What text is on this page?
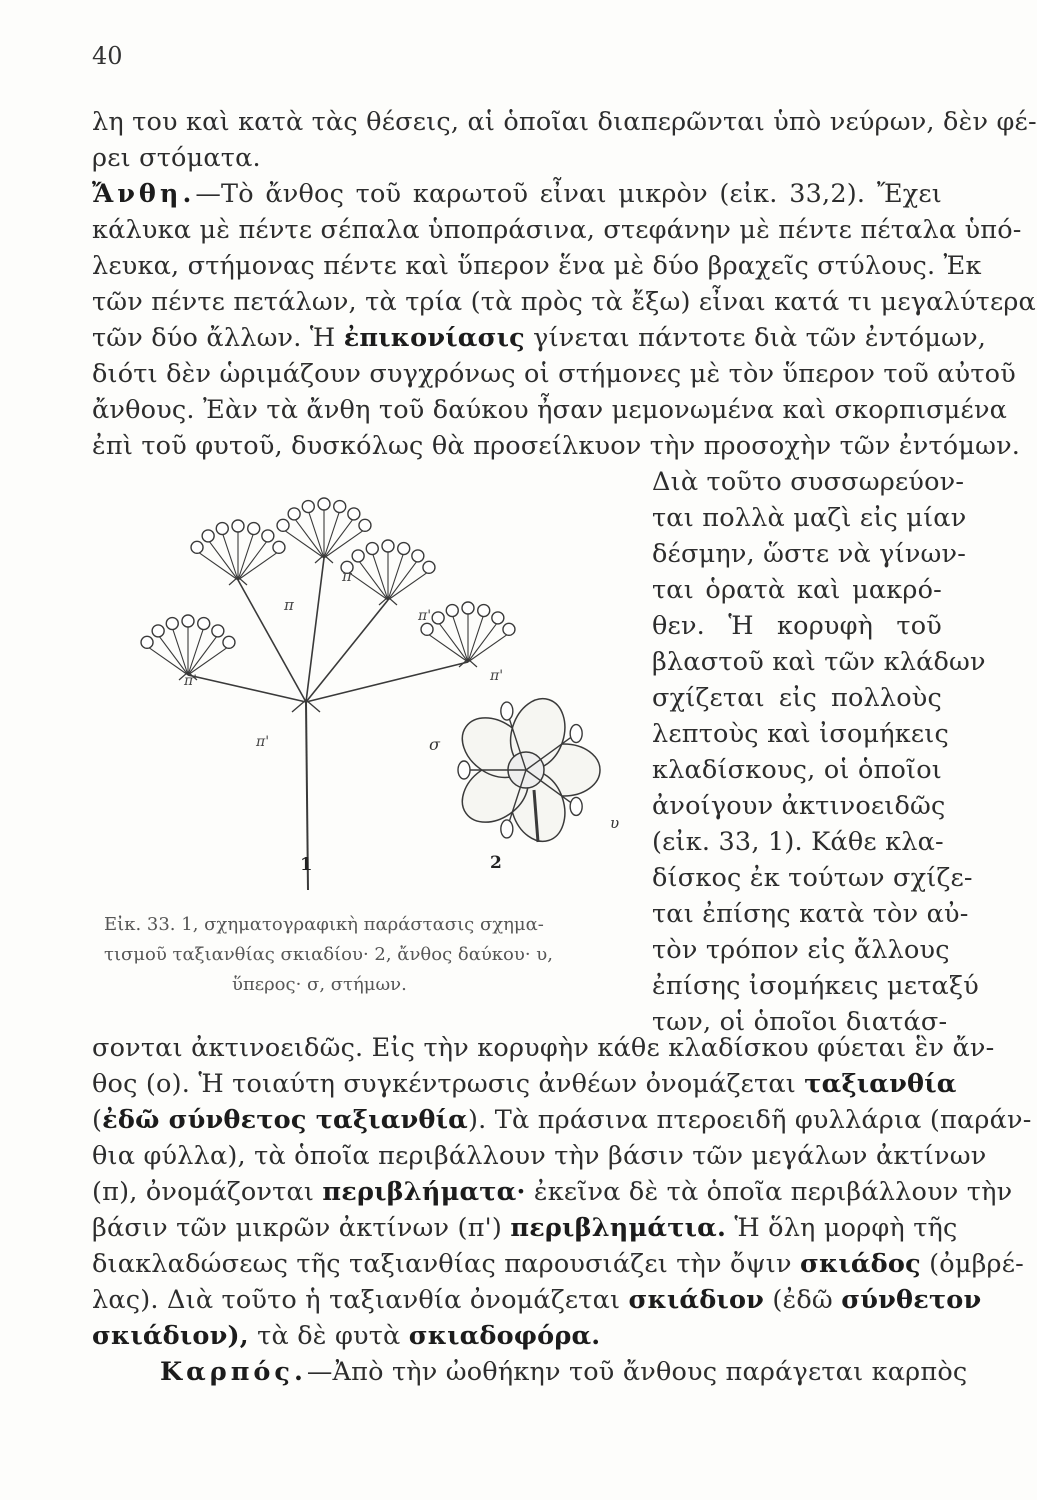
40
λη του καὶ κατὰ τὰς θέσεις, αἱ ὁποῖαι διαπερῶνται ὑπὸ νεύρων, δὲν φέ-
ρει στόματα.
Ἄνθη.—Τὸ ἄνθος τοῦ καρωτοῦ εἶναι μικρὸν (εἰκ. 33,2). Ἔχει
κάλυκα μὲ πέντε σέπαλα ὑποπράσινα, στεφάνην μὲ πέντε πέταλα ὑπό-
λευκα, στήμονας πέντε καὶ ὕπερον ἕνα μὲ δύο βραχεῖς στύλους. Ἐκ
τῶν πέντε πετάλων, τὰ τρία (τὰ πρὸς τὰ ἔξω) εἶναι κατά τι μεγαλύτερα
τῶν δύο ἄλλων. Ἡ ἐπικονίασις γίνεται πάντοτε διὰ τῶν ἐντόμων,
διότι δὲν ὡριμάζουν συγχρόνως οἱ στήμονες μὲ τὸν ὕπερον τοῦ αὐτοῦ
ἄνθους. Ἐὰν τὰ ἄνθη τοῦ δαύκου ἦσαν μεμονωμένα καὶ σκορπισμένα
ἐπὶ τοῦ φυτοῦ, δυσκόλως θὰ προσείλκυον τὴν προσοχὴν τῶν ἐντόμων.
Διὰ τοῦτο συσσωρεύον-
ται πολλὰ μαζὶ εἰς μίαν
δέσμην, ὥστε νὰ γίνων-
ται ὁρατὰ καὶ μακρό-
θεν. Ἡ κορυφὴ τοῦ
βλαστοῦ καὶ τῶν κλάδων
σχίζεται εἰς πολλοὺς
λεπτοὺς καὶ ἰσομήκεις
κλαδίσκους, οἱ ὁποῖοι
ἀνοίγουν ἀκτινοειδῶς
(εἰκ. 33, 1). Κάθε κλα-
δίσκος ἐκ τούτων σχίζε-
ται ἐπίσης κατὰ τὸν αὐ-
τὸν τρόπον εἰς ἄλλους
ἐπίσης ἰσομήκεις μεταξύ
των, οἱ ὁποῖοι διατάσ-
π
π
π'
π'
π'
π'	σ
υ
1	2
Εἰκ. 33. 1, σχηματογραφικὴ παράστασις σχημα-
τισμοῦ ταξιανθίας σκιαδίου· 2, ἄνθος δαύκου· υ,
ὕπερος· σ, στήμων.
σονται ἀκτινοειδῶς. Εἰς τὴν κορυφὴν κάθε κλαδίσκου φύεται ἓν ἄν-
θος (ο). Ἡ τοιαύτη συγκέντρωσις ἀνθέων ὀνομάζεται ταξιανθία
(ἐδῶ σύνθετος ταξιανθία). Τὰ πράσινα πτεροειδῆ φυλλάρια (παράν-
θια φύλλα), τὰ ὁποῖα περιβάλλουν τὴν βάσιν τῶν μεγάλων ἀκτίνων
(π), ὀνομάζονται περιβλήματα· ἐκεῖνα δὲ τὰ ὁποῖα περιβάλλουν τὴν
βάσιν τῶν μικρῶν ἀκτίνων (π') περιβλημάτια. Ἡ ὅλη μορφὴ τῆς
διακλαδώσεως τῆς ταξιανθίας παρουσιάζει τὴν ὄψιν σκιάδος (ὀμβρέ-
λας). Διὰ τοῦτο ἡ ταξιανθία ὀνομάζεται σκιάδιον (ἐδῶ σύνθετον
σκιάδιον), τὰ δὲ φυτὰ σκιαδοφόρα.
Καρπός.—Ἀπὸ τὴν ὠοθήκην τοῦ ἄνθους παράγεται καρπὸς
